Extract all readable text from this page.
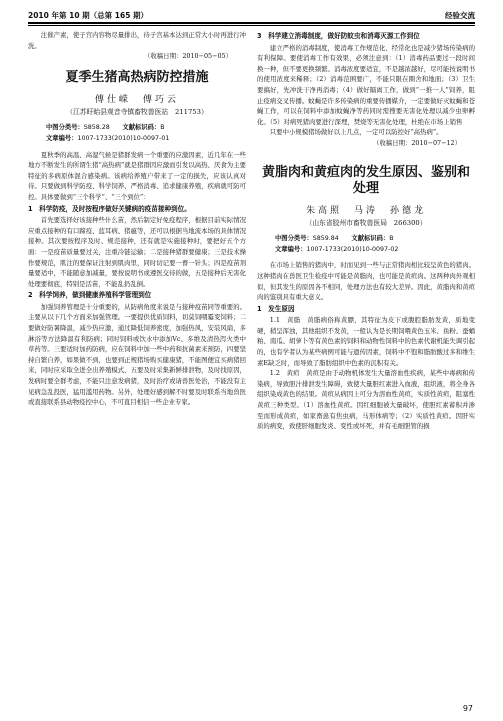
2010 年第 10 期（总第 165 期）	经验交流

注催产素，使子宫内容物尽量排出，待子宫基本达到正常大小时再进行冲洗。

（收稿日期：2010−05−05）

夏季生猪高热病防控措施
傅仕嵘　傅巧云
（江苏盱眙县观音寺镇畜牧兽医站　211753）

中图分类号：S858.28　　 文献标识码：B

文章编号：1007-1733(2010)10-0097-01

夏秋季的高温、高湿气候是猪群发病一个重要的应激因素，近几年在一些地方不断发生的所谓生猪“高热病”就是猪群因应激而引发以高热、厌食为主要特征的多病原体混合感染病。该病给养殖户带来了一定的损失，应该认真对待。只要做到科学防疫、科学饲养、严格消毒、追求健康养殖，疾病就可防可控。具体要做到“三个科学”、“三个到位”：

1　科学防疫，及时按程序做好关键病的疫苗接种到位。

首先要选择好该接种些什么苗，然后制定好免疫程序，根据目前实际情况应重点接种的有口蹄疫、蓝耳病、猪瘟等，还可以根据当地流本场的具体情况接种。其次要按程序及时、规范接种，还有就是实施接种时，要把好五个方面：一是疫苗质量要过关，注重冷链运输；二是接种猪群要健康；三是技术操作要规范，肌注的要保证注射到肌肉里，同时切记要一畜一针头；四是疫苗剂量要适中，不能随意加减量，要按说明书或遵医交待的做，五是接种后无害化处理要彻底，特别是活苗，不能乱扔乱倒。

2　科学饲养，做到健康养殖科学管理到位

加强饲养管理是十分重要的，从防病角度来说是与接种疫苗同等重要的。主要从以下几个方面来加强管理。一要提供优质饲料，切莫饲喂霉变饲料；二要做好防暑降温，减少热应激，通过降低饲养密度，加强热风，安装风扇，多淋浴等方法降温有利防病；同时饲料或饮水中添加Vc、多维及清热泻火类中草药等。三要适时加药防病，应在饲料中加一些中药和抗菌素来预防，四要坚持自繁自养，如果做不到，也要到正规猪场购买健康猪，不能图便宜买病猪回来，同时应采取全进全出养殖模式，五要及时采集新鲜排泄物，及时找原因，发病时要全群考虑，不能只注意发病猪，及时治疗或请兽医处治，不能没有主见病急乱投医，猛用滥用药物。另外，处理好感到解不时要及时联系当地兽医或直接联系县动物疫控中心，不可直目相信一些企业专家。

3　科学建立消毒制度，做好防蚊虫和消毒灭源工作到位

建立严格的消毒制度，使消毒工作规范化、经常化也是减少猪场传染病的有利保障。要使消毒工作有效果，必须注意到：（1）消毒药品要过一段时间换一种，但不要更换频繁。消毒浓度要适宜，不是越浓越好，尽可能按说明书的使用浓度来稀释；（2）消毒范围要广，不能只限在圈舍和地面；（3）卫生要搞好，先冲洗干净再消毒；（4）做好隔离工作，做到“一推一人”饲养，阻止疫病交叉传播。蚊蝇是许多传染病的重要传播媒介，一定要做好灭蚊蝇和苍蝇工作，可以在饲料中添加蚊蝇净等药同时需搜要无害化处理以减少虫卵孵化。（5）对病死猪肉要进行深埋，焚烧等无害化处理，杜绝在市场上销售

只要中小规模猪场做好以上几点，一定可以防控好“高热病”。

（收稿日期：2010−07−12）

黄脂肉和黄疸肉的发生原因、鉴别和处理
朱高照　马涛　孙德龙
（山东省胶州市畜牧兽医局　266300）

中图分类号：S859.84　　 文献标识码：B

文章编号：1007-1733(2010)10-0097-02

在市场上销售的猪肉中，时而见到一些与正常猪肉相比较呈黄色的猪肉。这种猪肉在兽医卫生检疫中可能是黄脂肉，也可能是黄疸肉。这两种肉外观相似，但其发生的原因各不相同，处理方法也有较大差异。因此，黄脂肉和黄疸肉的鉴别具有重大意义。

1　发生原因

1.1　黄脂　黄脂病俗称黄膘，其特征为皮下或腹腔脂肪发黄，质地变硬，稍呈浑浊，其他组织不发黄，一般认为是长期饲喂黄色玉米、鱼粉、蚕蛹粕、南瓜、胡萝卜等有黄色素的饲料和动物性饲料中的色素代谢机能失调引起的，也有学者认为某些病例可能与遗传因素，饲料中不饱和脂肪酸过多和维生素E缺乏时，而导致了脂肪组织中色素的沉积有关。

1.2　黄疸　黄疸是由于动物机体发生大量溶血性疾病，某些中毒病和传染病，导致胆汁排泄发生障碍，致使大量胆红素进入血液，组织液，将全身各组织染成黄色的结果。黄疸从病因上可分为溶血性黄疸，实质性黄疸，阻塞性黄疸三种类型。（1）溶血性黄疸。因红细胞被大量破坏，使胆红素蓄积并渗至而形成黄疸，如家畜患有焦虫病，马形体病等；（2）实质性黄疸。因肝实质的病变，致使肝细胞发炎、变性或坏死，并有毛细胆管的损

97
